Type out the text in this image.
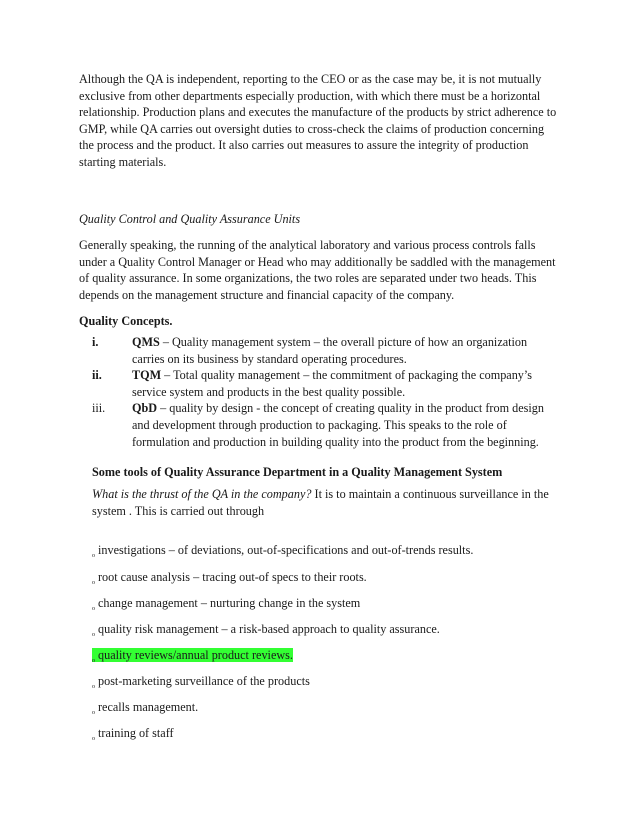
Although the QA is independent, reporting to the CEO or as the case may be, it is not mutually exclusive from other departments especially production, with which there must be a horizontal relationship. Production plans and executes the manufacture of the products by strict adherence to GMP, while QA carries out oversight duties to cross-check the claims of production concerning the process and the product. It also carries out measures to assure the integrity of production starting materials.

Quality Control and Quality Assurance Units

Generally speaking, the running of the analytical laboratory and various process controls falls under a Quality Control Manager or Head who may additionally be saddled with the management of quality assurance. In some organizations, the two roles are separated under two heads. This depends on the management structure and financial capacity of the company.

Quality Concepts.

i.	QMS – Quality management system – the overall picture of how an organization carries on its business by standard operating procedures.
ii. TQM – Total quality management – the commitment of packaging the company’s service system and products in the best quality possible.
iii. QbD – quality by design - the concept of creating quality in the product from design and development through production to packaging. This speaks to the role of formulation and production in building quality into the product from the beginning.
Some tools of Quality Assurance Department in a Quality Management System
What is the thrust of the QA in the company? It is to maintain a continuous surveillance in the system . This is carried out through
$_o$ investigations – of deviations, out-of-specifications and out-of-trends results.
$_o$ root cause analysis – tracing out-of specs to their roots.
$_o$ change management – nurturing change in the system
$_o$ quality risk management – a risk-based approach to quality assurance.
$_o$ quality reviews/annual product reviews.
$_o$ post-marketing surveillance of the products
$_o$ recalls management.
$_o$ training of staff
